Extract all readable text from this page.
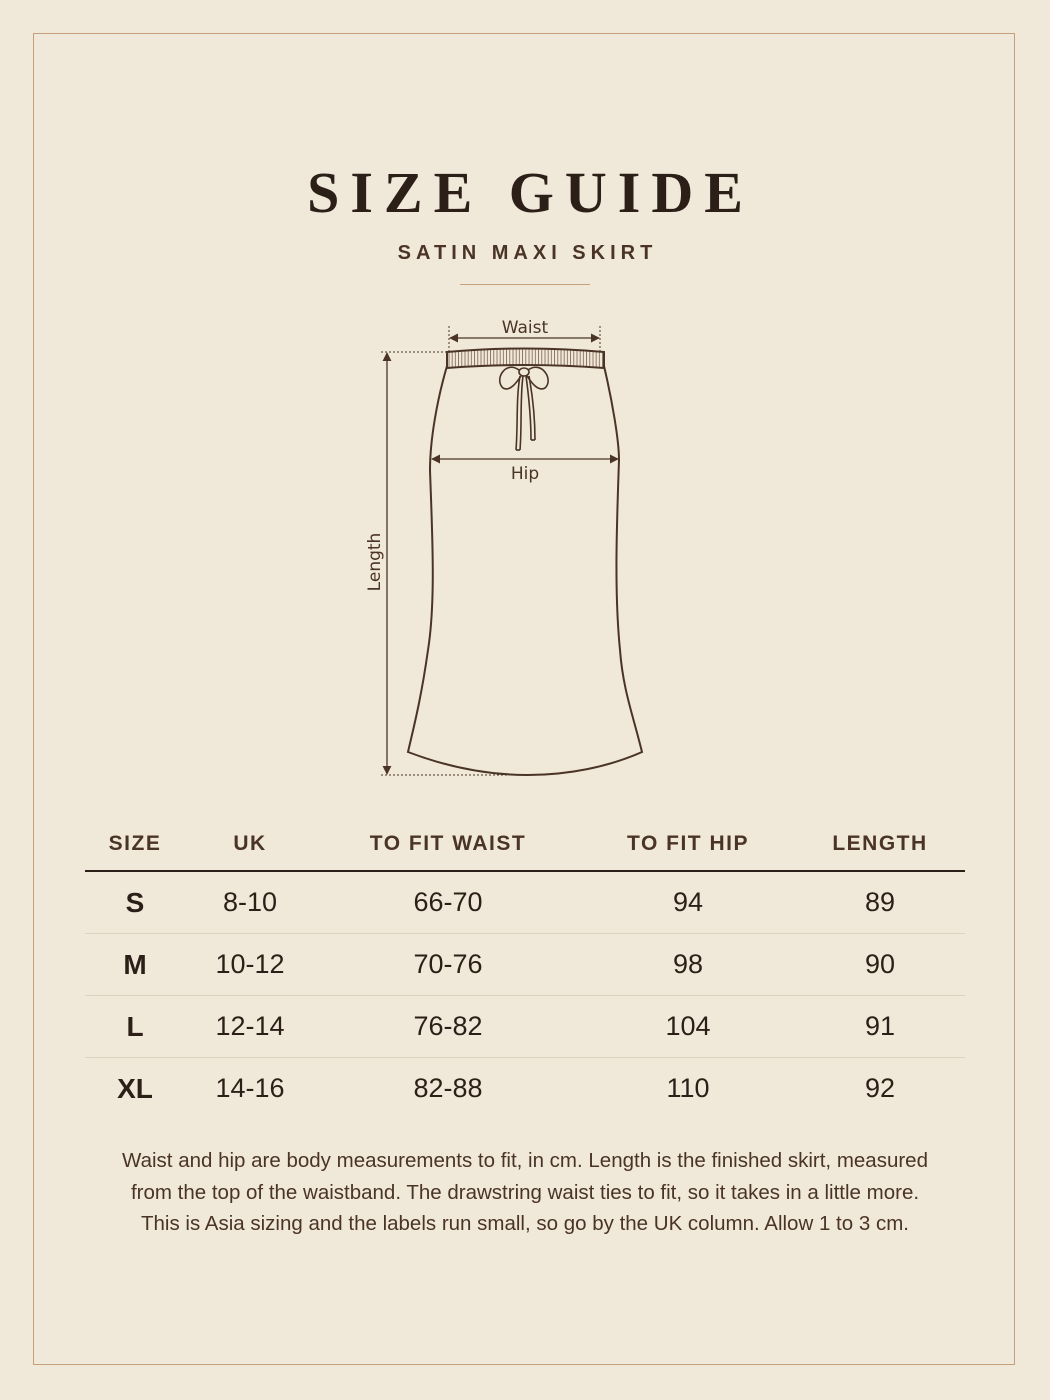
SIZE GUIDE
SATIN MAXI SKIRT
Waist
Hip
Length
SIZE	UK	TO FIT WAIST	TO FIT HIP	LENGTH
S	8-10	66-70	94	89
M	10-12	70-76	98	90
L	12-14	76-82	104	91
XL	14-16	82-88	110	92

Waist and hip are body measurements to fit, in cm. Length is the finished skirt, measured

from the top of the waistband. The drawstring waist ties to fit, so it takes in a little more.

This is Asia sizing and the labels run small, so go by the UK column. Allow 1 to 3 cm.
